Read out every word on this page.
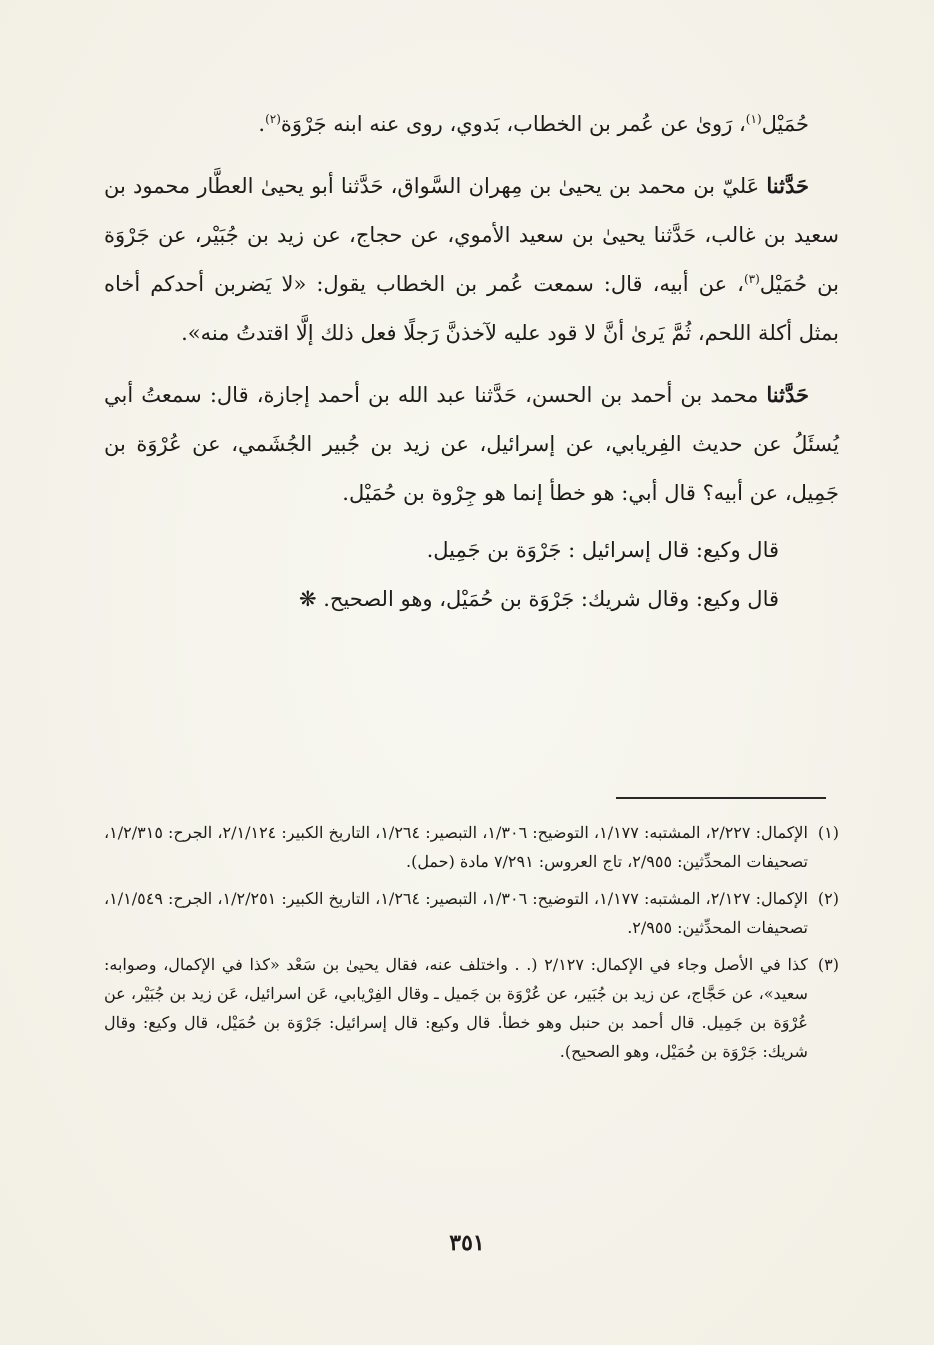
حُمَيْل$^{(١)}$، رَوىٰ عن عُمر بن الخطاب، بَدوي، روى عنه ابنه جَرْوَة$^{(٢)}$.

حَدَّثنا عَليّ بن محمد بن يحيىٰ بن مِهران السَّواق، حَدَّثنا أبو يحيىٰ العطَّار محمود بن سعيد بن غالب، حَدَّثنا يحيىٰ بن سعيد الأموي، عن حجاج، عن زيد بن جُبَيْر، عن جَرْوَة بن حُمَيْل$^{(٣)}$، عن أبيه، قال: سمعت عُمر بن الخطاب يقول: «لا يَضربن أحدكم أخاه بمثل أكلة اللحم، ثُمَّ يَرىٰ أنَّ لا قود عليه لآخذنَّ رَجلًا فعل ذلك إلَّا اقتدتُ منه».

حَدَّثنا محمد بن أحمد بن الحسن، حَدَّثنا عبد الله بن أحمد إجازة، قال: سمعتُ أبي يُسئَلُ عن حديث الفِريابي، عن إسرائيل، عن زيد بن جُبير الجُشَمي، عن عُرْوَة بن جَمِيل، عن أبيه؟ قال أبي: هو خطأ إنما هو جِرْوة بن حُمَيْل.

قال وكيع: قال إسرائيل : جَرْوَة بن جَمِيل.

قال وكيع: وقال شريك: جَرْوَة بن حُمَيْل، وهو الصحيح. ❋

(١)
الإكمال: ٢/٢٢٧، المشتبه: ١/١٧٧، التوضيح: ١/٣٠٦، التبصير: ١/٢٦٤، التاريخ الكبير: ٢/١/١٢٤، الجرح: ١/٢/٣١٥، تصحيفات المحدِّثين: ٢/٩٥٥، تاج العروس: ٧/٢٩١ مادة (حمل).
(٢)
الإكمال: ٢/١٢٧، المشتبه: ١/١٧٧، التوضيح: ١/٣٠٦، التبصير: ١/٢٦٤، التاريخ الكبير: ١/٢/٢٥١، الجرح: ١/١/٥٤٩، تصحيفات المحدِّثين: ٢/٩٥٥.
(٣)
كذا في الأصل وجاء في الإكمال: ٢/١٢٧ (. . واختلف عنه، فقال يحيىٰ بن سَعْد «كذا في الإكمال، وصوابه: سعيد»، عن حَجَّاج، عن زيد بن جُبَير، عن عُرْوَة بن جَميل ـ وقال الفِرْيابي، عَن اسرائيل، عَن زيد بن جُبَيْر، عن عُرْوَة بن جَمِيل. قال أحمد بن حنبل وهو خطأ. قال وكيع: قال إسرائيل: جَرْوَة بن حُمَيْل، قال وكيع: وقال شريك: جَرْوَة بن حُمَيْل، وهو الصحيح).
٣٥١
